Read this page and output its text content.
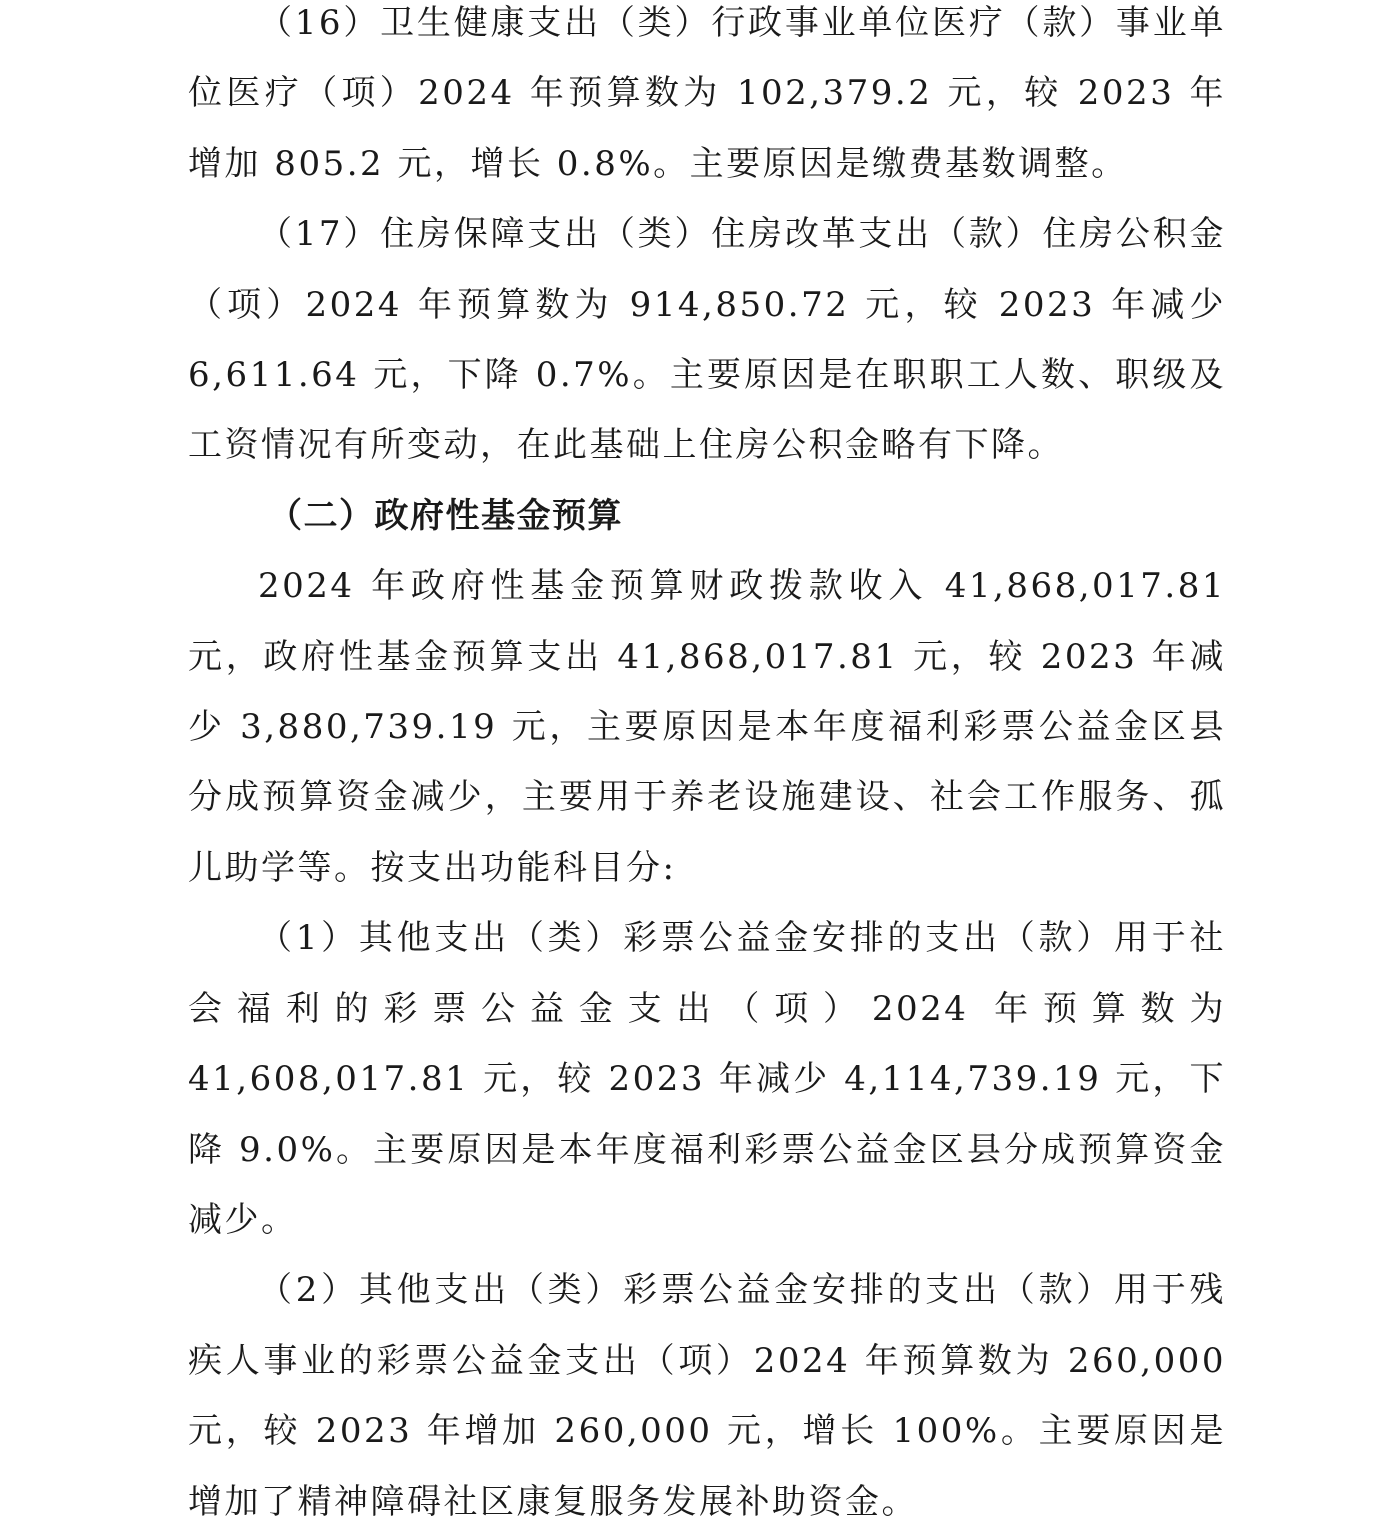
（16）卫生健康支出（类）行政事业单位医疗（款）事业单位医疗（项）2024 年预算数为 102,379.2 元，较 2023 年增加 805.2 元，增长 0.8%。主要原因是缴费基数调整。

（17）住房保障支出（类）住房改革支出（款）住房公积金（项）2024 年预算数为 914,850.72 元，较 2023 年减少 6,611.64 元，下降 0.7%。主要原因是在职职工人数、职级及工资情况有所变动，在此基础上住房公积金略有下降。

（二）政府性基金预算

2024 年政府性基金预算财政拨款收入 41,868,017.81 元，政府性基金预算支出 41,868,017.81 元，较 2023 年减少 3,880,739.19 元，主要原因是本年度福利彩票公益金区县分成预算资金减少，主要用于养老设施建设、社会工作服务、孤儿助学等。按支出功能科目分:

（1）其他支出（类）彩票公益金安排的支出（款）用于社会福利的彩票公益金支出（项）2024 年预算数为 41,608,017.81 元，较 2023 年减少 4,114,739.19 元，下降 9.0%。主要原因是本年度福利彩票公益金区县分成预算资金减少。

（2）其他支出（类）彩票公益金安排的支出（款）用于残疾人事业的彩票公益金支出（项）2024 年预算数为 260,000 元，较 2023 年增加 260,000 元，增长 100%。主要原因是增加了精神障碍社区康复服务发展补助资金。
